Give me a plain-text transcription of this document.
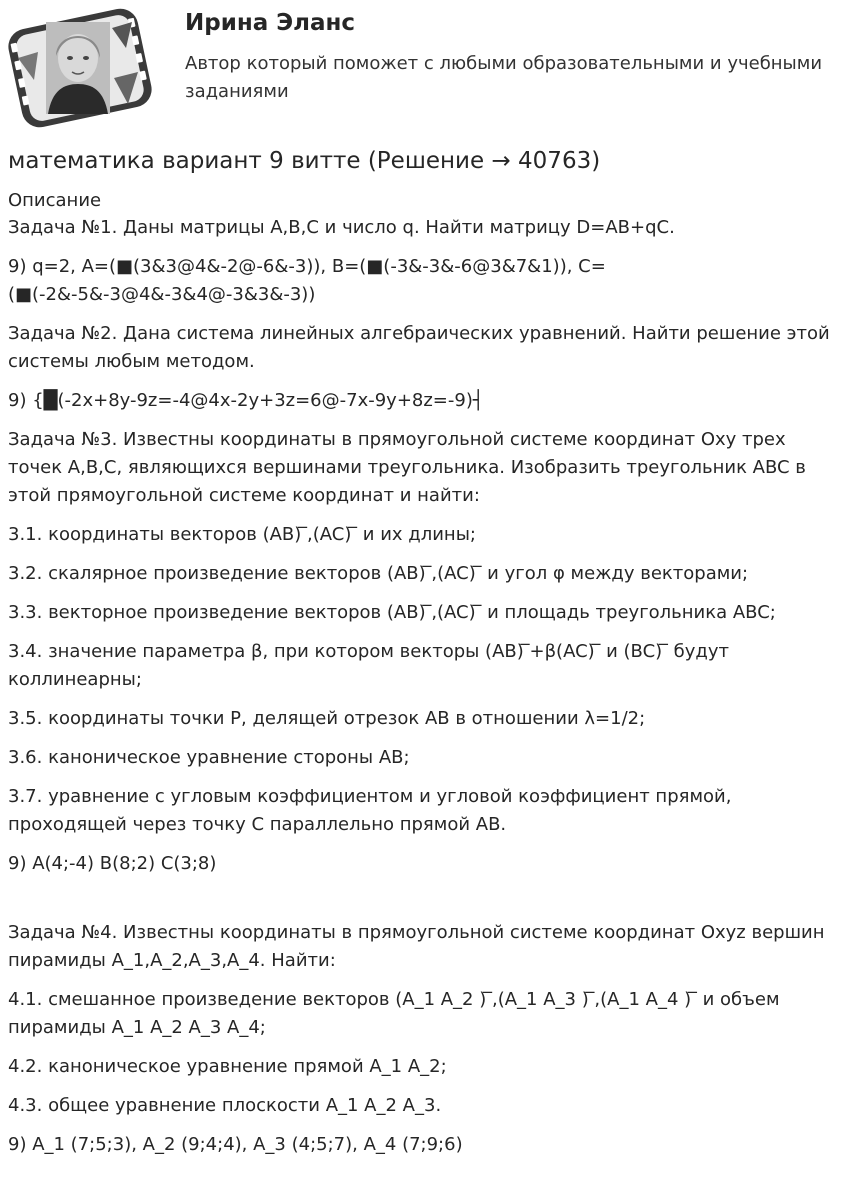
Ирина Эланс
Автор который поможет с любыми образовательными и учебными заданиями
математика вариант 9 витте (Решение → 40763)

Описание

Задача №1. Даны матрицы A,B,C и число q. Найти матрицу D=AB+qC.

9) q=2, A=(■(3&3@4&-2@-6&-3)), B=(■(-3&-3&-6@3&7&1)), C=(■(-2&-5&-3@4&-3&4@-3&3&-3))

Задача №2. Дана система линейных алгебраических уравнений. Найти решение этой системы любым методом.

9) {█(-2x+8y-9z=-4@4x-2y+3z=6@-7x-9y+8z=-9)┤

Задача №3. Известны координаты в прямоугольной системе координат Oxy трех точек A,B,C, являющихся вершинами треугольника. Изобразить треугольник ABC в этой прямоугольной системе координат и найти:

3.1. координаты векторов (AB) ̅,(AC) ̅ и их длины;

3.2. скалярное произведение векторов (AB) ̅,(AC) ̅ и угол φ между векторами;

3.3. векторное произведение векторов (AB) ̅,(AC) ̅ и площадь треугольника ABC;

3.4. значение параметра β, при котором векторы (AB) ̅+β(AC) ̅ и (BC) ̅ будут коллинеарны;

3.5. координаты точки P, делящей отрезок AB в отношении λ=1/2;

3.6. каноническое уравнение стороны AB;

3.7. уравнение с угловым коэффициентом и угловой коэффициент прямой, проходящей через точку C параллельно прямой AB.

9) A(4;-4) B(8;2) C(3;8)

Задача №4. Известны координаты в прямоугольной системе координат Oxyz вершин пирамиды A_1,A_2,A_3,A_4. Найти:

4.1. смешанное произведение векторов (A_1 A_2 ) ̅,(A_1 A_3 ) ̅,(A_1 A_4 ) ̅ и объем пирамиды A_1 A_2 A_3 A_4;

4.2. каноническое уравнение прямой A_1 A_2;

4.3. общее уравнение плоскости A_1 A_2 A_3.

9) A_1 (7;5;3), A_2 (9;4;4), A_3 (4;5;7), A_4 (7;9;6)
